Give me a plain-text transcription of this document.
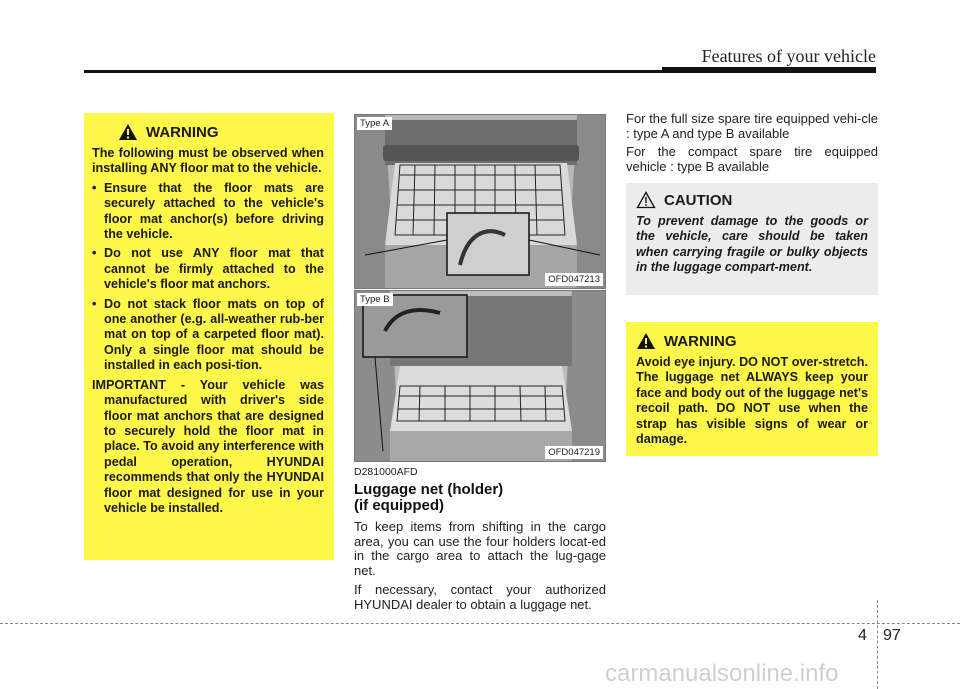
Features of your vehicle
WARNING
The following must be observed when installing ANY floor mat to the vehicle.
• Ensure that the floor mats are securely attached to the vehicle's floor mat anchor(s) before driving the vehicle.
• Do not use ANY floor mat that cannot be firmly attached to the vehicle's floor mat anchors.
• Do not stack floor mats on top of one another (e.g. all-weather rub-ber mat on top of a carpeted floor mat). Only a single floor mat should be installed in each posi-tion.
IMPORTANT - Your vehicle was manufactured with driver's side floor mat anchors that are designed to securely hold the floor mat in place. To avoid any interference with pedal operation, HYUNDAI recommends that only the HYUNDAI floor mat designed for use in your vehicle be installed.
Type A
OFD047213
Type B
OFD047219
D281000AFD
Luggage net (holder)
(if equipped)
To keep items from shifting in the cargo area, you can use the four holders locat-ed in the cargo area to attach the lug-gage net.
If necessary, contact your authorized HYUNDAI dealer to obtain a luggage net.
For the full size spare tire equipped vehi-cle : type A and type B available
For the compact spare tire equipped vehicle : type B available
CAUTION
To prevent damage to the goods or the vehicle, care should be taken when carrying fragile or bulky objects in the luggage compart-ment.
WARNING
Avoid eye injury. DO NOT over-stretch. The luggage net ALWAYS keep your face and body out of the luggage net's recoil path. DO NOT use when the strap has visible signs of wear or damage.
4 97
carmanualsonline.info
